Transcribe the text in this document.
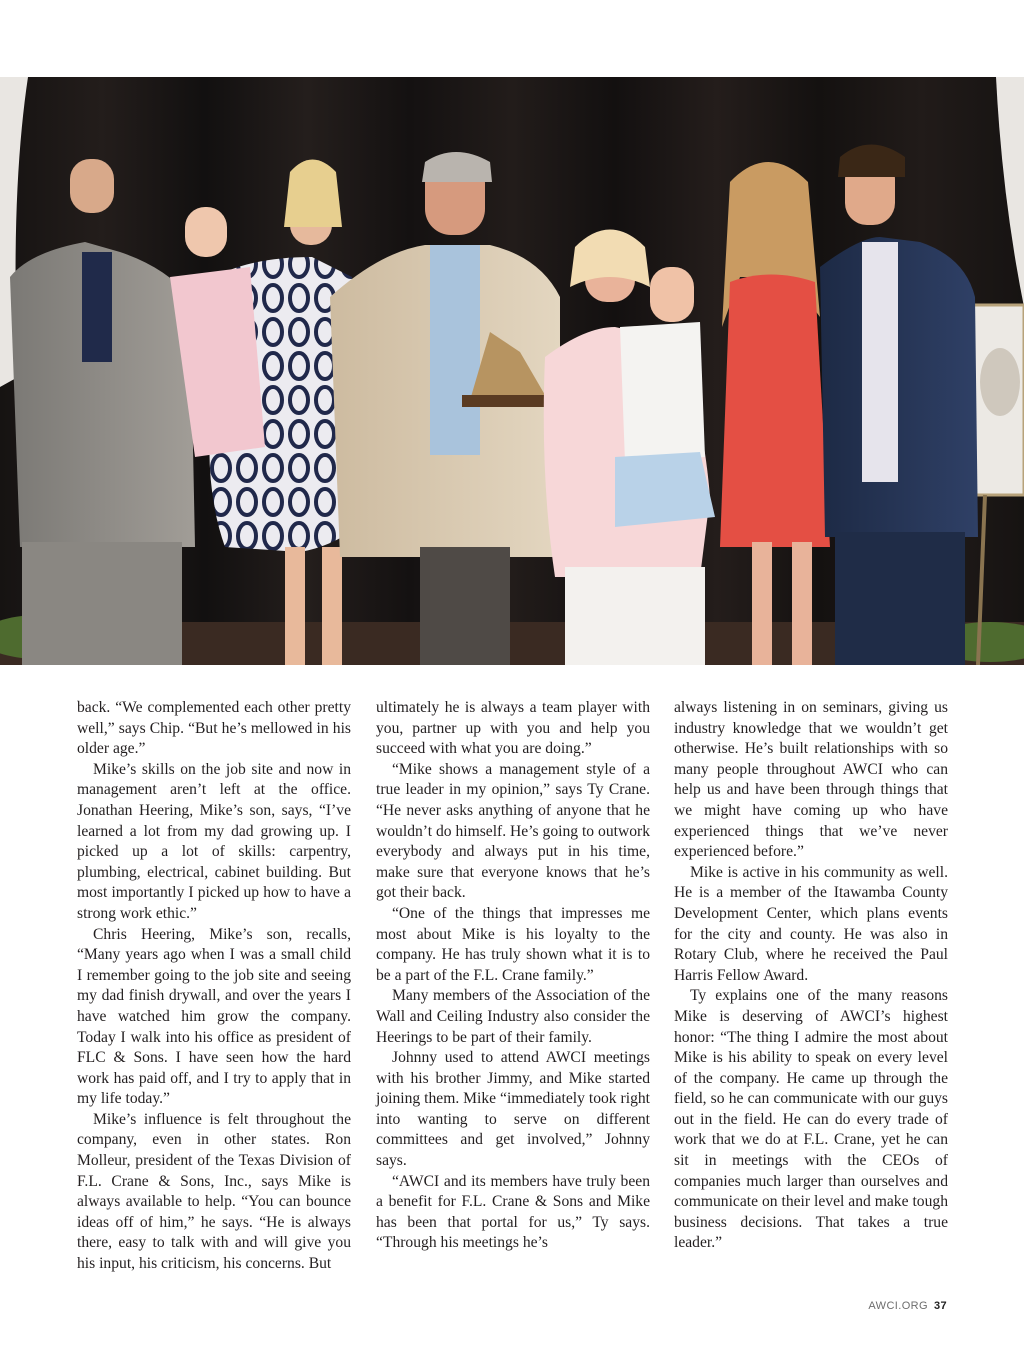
back. “We complemented each other pretty well,” says Chip. “But he’s mellowed in his older age.”

Mike’s skills on the job site and now in management aren’t left at the office. Jonathan Heering, Mike’s son, says, “I’ve learned a lot from my dad growing up. I picked up a lot of skills: carpentry, plumbing, electrical, cabinet building. But most importantly I picked up how to have a strong work ethic.”

Chris Heering, Mike’s son, recalls, “Many years ago when I was a small child I remember going to the job site and seeing my dad finish drywall, and over the years I have watched him grow the company. Today I walk into his office as president of FLC & Sons. I have seen how the hard work has paid off, and I try to apply that in my life today.”

Mike’s influence is felt throughout the company, even in other states. Ron Molleur, president of the Texas Division of F.L. Crane & Sons, Inc., says Mike is always available to help. “You can bounce ideas off of him,” he says. “He is always there, easy to talk with and will give you his input, his criticism, his concerns. But

ultimately he is always a team player with you, partner up with you and help you succeed with what you are doing.”

“Mike shows a management style of a true leader in my opinion,” says Ty Crane. “He never asks anything of anyone that he wouldn’t do himself. He’s going to outwork everybody and always put in his time, make sure that everyone knows that he’s got their back.

“One of the things that impresses me most about Mike is his loyalty to the company. He has truly shown what it is to be a part of the F.L. Crane family.”

Many members of the Association of the Wall and Ceiling Industry also consider the Heerings to be part of their family.

Johnny used to attend AWCI meetings with his brother Jimmy, and Mike started joining them. Mike “immediately took right into wanting to serve on different committees and get involved,” Johnny says.

“AWCI and its members have truly been a benefit for F.L. Crane & Sons and Mike has been that portal for us,” Ty says. “Through his meetings he’s

always listening in on seminars, giving us industry knowledge that we wouldn’t get otherwise. He’s built relationships with so many people throughout AWCI who can help us and have been through things that we might have coming up who have experienced things that we’ve never experienced before.”

Mike is active in his community as well. He is a member of the Itawamba County Development Center, which plans events for the city and county. He was also in Rotary Club, where he received the Paul Harris Fellow Award.

Ty explains one of the many reasons Mike is deserving of AWCI’s highest honor: “The thing I admire the most about Mike is his ability to speak on every level of the company. He came up through the field, so he can communicate with our guys out in the field. He can do every trade of work that we do at F.L. Crane, yet he can sit in meetings with the CEOs of companies much larger than ourselves and communicate on their level and make tough business decisions. That takes a true leader.”

AWCI.ORG 37
